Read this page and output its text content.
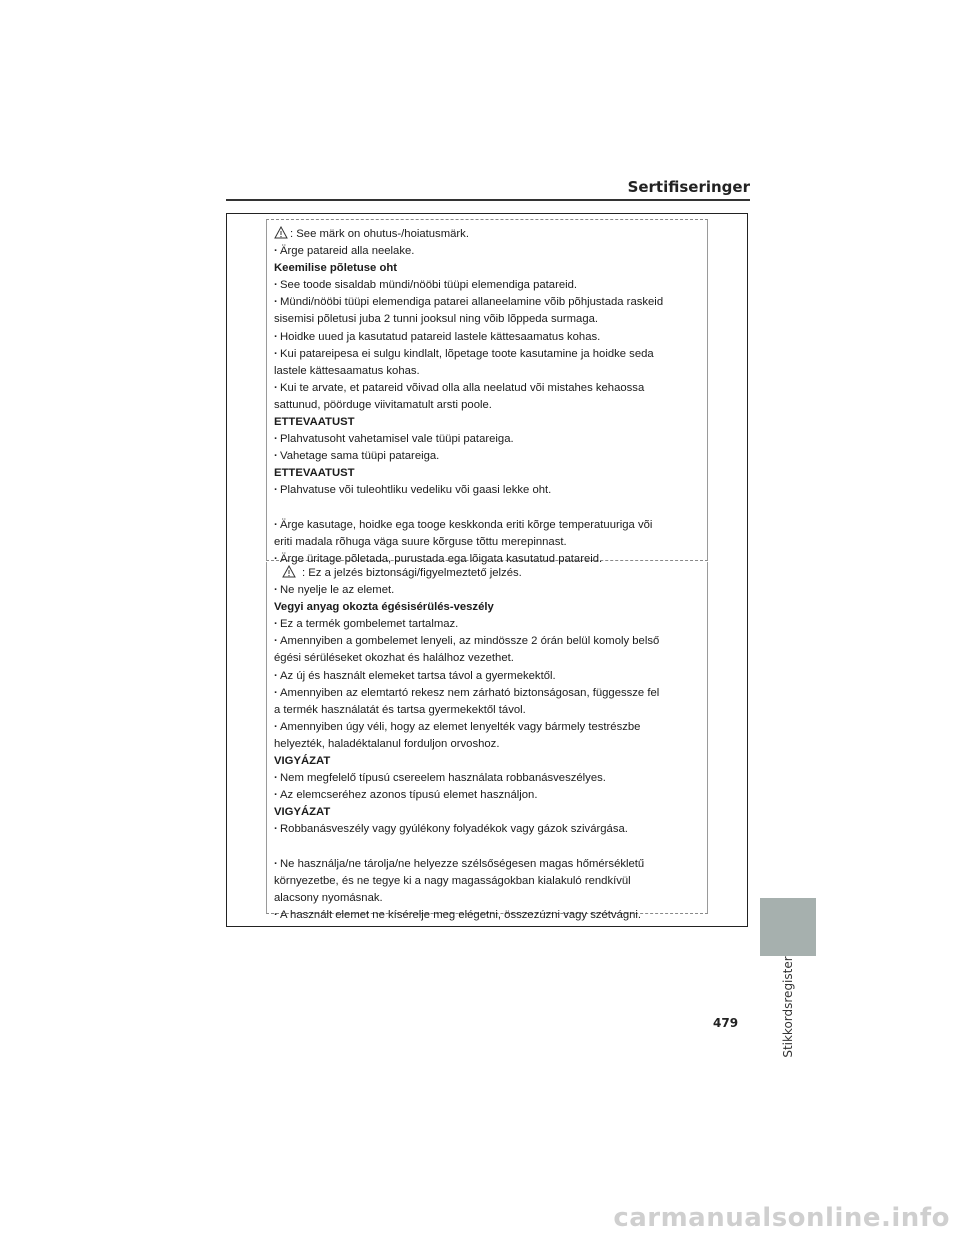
Sertifiseringer
: See märk on ohutus-/hoiatusmärk.
· Ärge patareid alla neelake.
Keemilise põletuse oht
· See toode sisaldab mündi/nööbi tüüpi elemendiga patareid.
· Mündi/nööbi tüüpi elemendiga patarei allaneelamine võib põhjustada raskeid
sisemisi põletusi juba 2 tunni jooksul ning võib lõppeda surmaga.
· Hoidke uued ja kasutatud patareid lastele kättesaamatus kohas.
· Kui patareipesa ei sulgu kindlalt, lõpetage toote kasutamine ja hoidke seda
lastele kättesaamatus kohas.
· Kui te arvate, et patareid võivad olla alla neelatud või mistahes kehaossa
sattunud, pöörduge viivitamatult arsti poole.
ETTEVAATUST
· Plahvatusoht vahetamisel vale tüüpi patareiga.
· Vahetage sama tüüpi patareiga.
ETTEVAATUST
· Plahvatuse või tuleohtliku vedeliku või gaasi lekke oht.
· Ärge kasutage, hoidke ega tooge keskkonda eriti kõrge temperatuuriga või
eriti madala rõhuga väga suure kõrguse tõttu merepinnast.
· Ärge üritage põletada, purustada ega lõigata kasutatud patareid.
: Ez a jelzés biztonsági/figyelmeztető jelzés.
· Ne nyelje le az elemet.
Vegyi anyag okozta égésisérülés-veszély
· Ez a termék gombelemet tartalmaz.
· Amennyiben a gombelemet lenyeli, az mindössze 2 órán belül komoly belső
égési sérüléseket okozhat és halálhoz vezethet.
· Az új és használt elemeket tartsa távol a gyermekektől.
· Amennyiben az elemtartó rekesz nem zárható biztonságosan, függessze fel
a termék használatát és tartsa gyermekektől távol.
· Amennyiben úgy véli, hogy az elemet lenyelték vagy bármely testrészbe
helyezték, haladéktalanul forduljon orvoshoz.
VIGYÁZAT
· Nem megfelelő típusú csereelem használata robbanásveszélyes.
· Az elemcseréhez azonos típusú elemet használjon.
VIGYÁZAT
· Robbanásveszély vagy gyúlékony folyadékok vagy gázok szivárgása.
· Ne használja/ne tárolja/ne helyezze szélsőségesen magas hőmérsékletű
környezetbe, és ne tegye ki a nagy magasságokban kialakuló rendkívül
alacsony nyomásnak.
· A használt elemet ne kísérelje meg elégetni, összezúzni vagy szétvágni.
479	Stikkordsregister
carmanualsonline.info
